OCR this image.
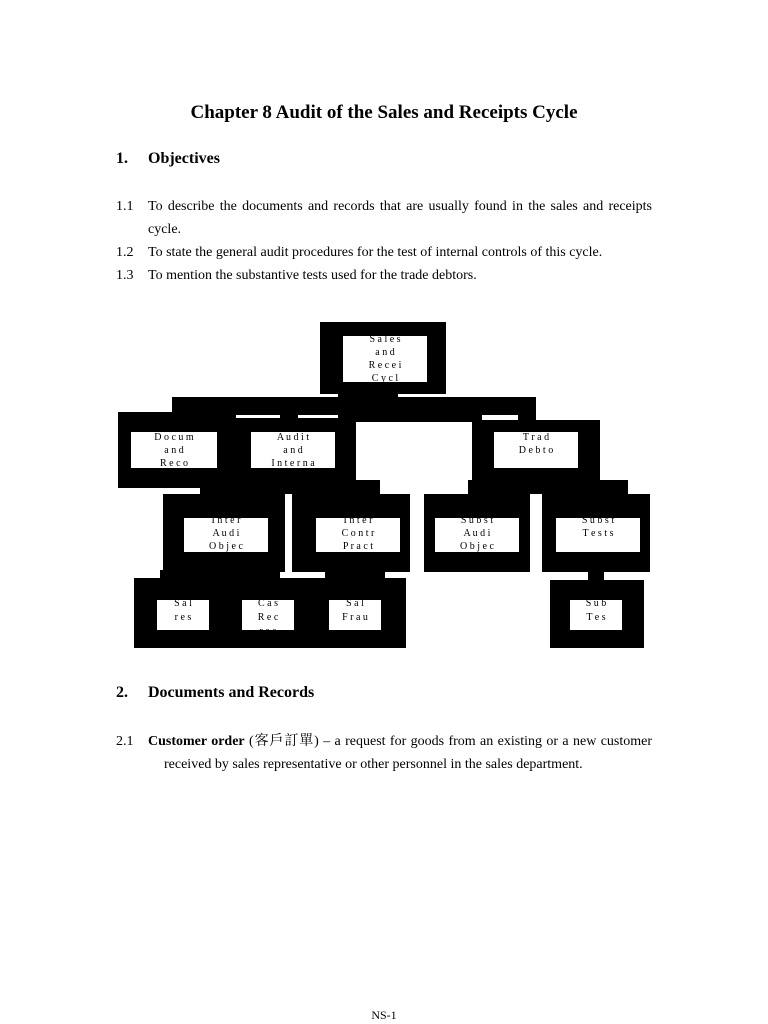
Chapter 8 Audit of the Sales and Receipts Cycle
1. Objectives
1.1 To describe the documents and records that are usually found in the sales and receipts cycle.
1.2 To state the general audit procedures for the test of internal controls of this cycle.
1.3 To mention the substantive tests used for the trade debtors.
S a l e s
a n d
R e c e i
C y c l
D o c u m
a n d
R e c o
A u d i t
a n d
I n t e r n a
T r a d
D e b t o
I n t e r
A u d i
O b j e c
I n t e r
C o n t r
P r a c t
S u b s t
A u d i
O b j e c
S u b s t
T e s t s
S a l
r e s
C a s
R e c
r e a
S a l
F r a u
S u b
T e s
2. Documents and Records
2.1 Customer order (客戶訂單) – a request for goods from an existing or a new customer received by sales representative or other personnel in the sales department.
NS-1
